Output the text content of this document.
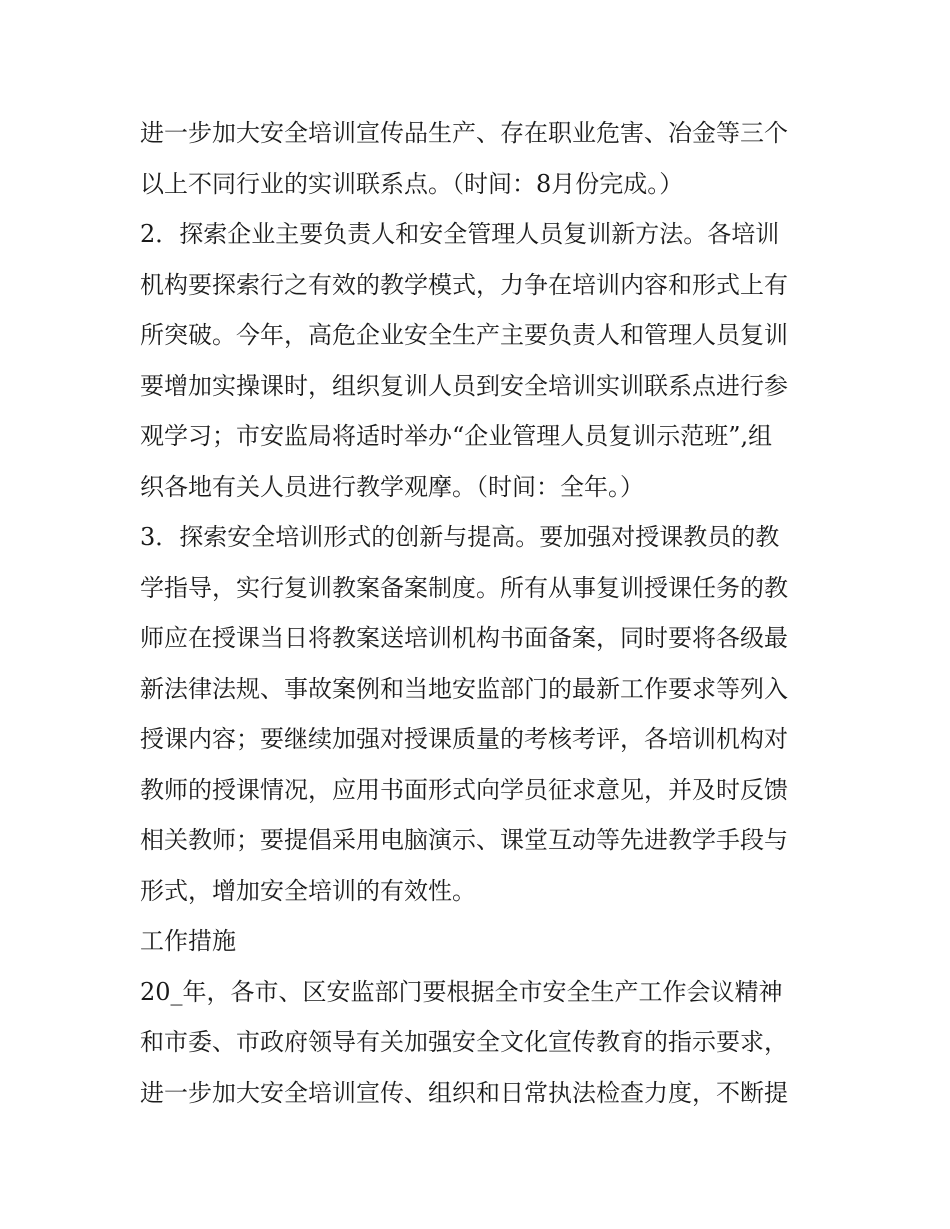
进一步加大安全培训宣传品生产、存在职业危害、冶金等三个
以上不同行业的实训联系点。（时间：8月份完成。）
2．探索企业主要负责人和安全管理人员复训新方法。各培训
机构要探索行之有效的教学模式，力争在培训内容和形式上有
所突破。今年，高危企业安全生产主要负责人和管理人员复训
要增加实操课时，组织复训人员到安全培训实训联系点进行参
观学习；市安监局将适时举办“企业管理人员复训示范班”,组
织各地有关人员进行教学观摩。（时间：全年。）
3．探索安全培训形式的创新与提高。要加强对授课教员的教
学指导，实行复训教案备案制度。所有从事复训授课任务的教
师应在授课当日将教案送培训机构书面备案，同时要将各级最
新法律法规、事故案例和当地安监部门的最新工作要求等列入
授课内容；要继续加强对授课质量的考核考评，各培训机构对
教师的授课情况，应用书面形式向学员征求意见，并及时反馈
相关教师；要提倡采用电脑演示、课堂互动等先进教学手段与
形式，增加安全培训的有效性。
工作措施
20_年，各市、区安监部门要根据全市安全生产工作会议精神
和市委、市政府领导有关加强安全文化宣传教育的指示要求，
进一步加大安全培训宣传、组织和日常执法检查力度，不断提
